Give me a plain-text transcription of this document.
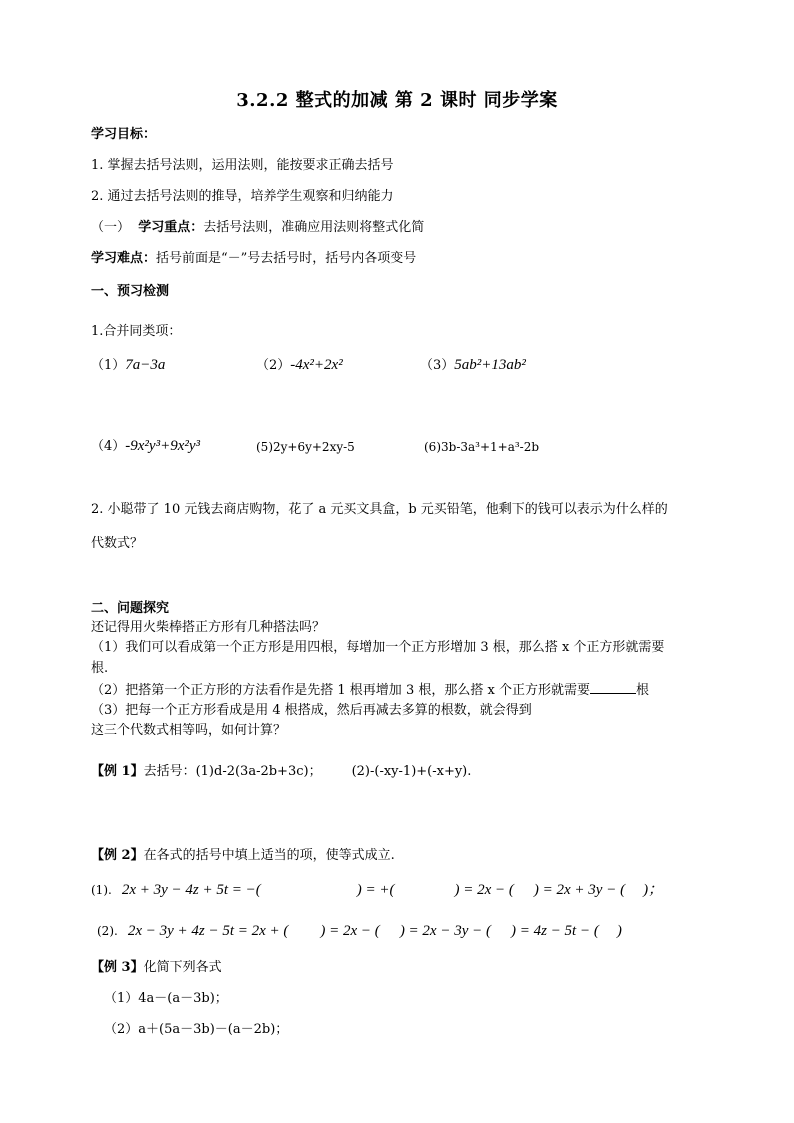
3.2.2 整式的加减 第 2 课时 同步学案
学习目标：
1. 掌握去括号法则，运用法则，能按要求正确去括号
2. 通过去括号法则的推导，培养学生观察和归纳能力
（一） 学习重点：去括号法则，准确应用法则将整式化简
学习难点：括号前面是“－”号去括号时，括号内各项变号
一、预习检测
1.合并同类项：
（1）7a−3a	（2）-4x²+2x²	（3）5ab²+13ab²
（4）-9x²y³+9x²y³	(5)2y+6y+2xy-5	(6)3b-3a³+1+a³-2b
2. 小聪带了 10 元钱去商店购物，花了 a 元买文具盒，b 元买铅笔，他剩下的钱可以表示为什么样的
代数式？
二、问题探究
还记得用火柴棒搭正方形有几种搭法吗？
（1）我们可以看成第一个正方形是用四根，每增加一个正方形增加 3 根，那么搭 x 个正方形就需要
根.
（2）把搭第一个正方形的方法看作是先搭 1 根再增加 3 根，那么搭 x 个正方形就需要	根
（3）把每一个正方形看成是用 4 根搭成，然后再减去多算的根数，就会得到
这三个代数式相等吗，如何计算？
【例 1】去括号：(1)d-2(3a-2b+3c)； (2)-(-xy-1)+(-x+y).
【例 2】在各式的括号中填上适当的项，使等式成立.
(1). 2x + 3y − 4z + 5t = −(	) = +(	) = 2x − ( ) = 2x + 3y − ( )；
(2). 2x − 3y + 4z − 5t = 2x + ( ) = 2x − ( ) = 2x − 3y − ( ) = 4z − 5t − ( )
【例 3】化简下列各式
（1）4a－(a－3b)；
（2）a＋(5a－3b)－(a－2b)；
